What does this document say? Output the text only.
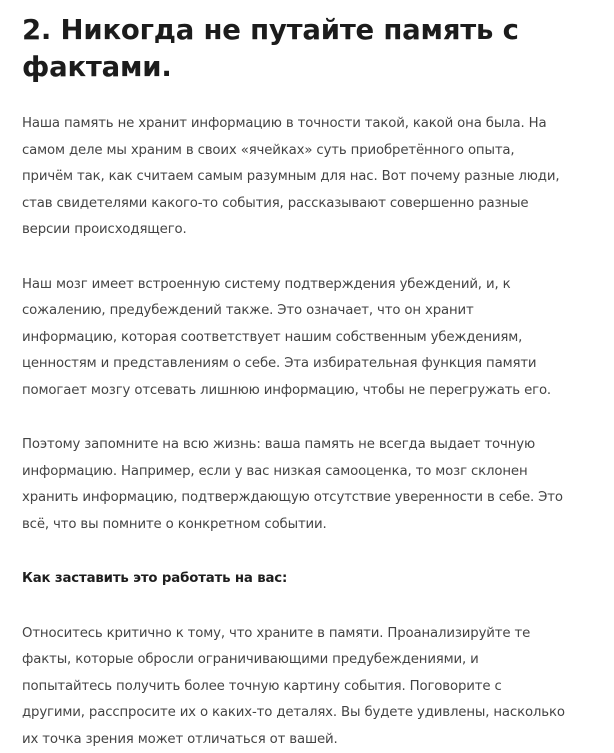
2. Никогда не путайте память с
фактами.

Наша память не хранит информацию в точности такой, какой она была. На
самом деле мы храним в своих «ячейках» суть приобретённого опыта,
причём так, как считаем самым разумным для нас. Вот почему разные люди,
став свидетелями какого-то события, рассказывают совершенно разные
версии происходящего.

Наш мозг имеет встроенную систему подтверждения убеждений, и, к
сожалению, предубеждений также. Это означает, что он хранит
информацию, которая соответствует нашим собственным убеждениям,
ценностям и представлениям о себе. Эта избирательная функция памяти
помогает мозгу отсевать лишнюю информацию, чтобы не перегружать его.

Поэтому запомните на всю жизнь: ваша память не всегда выдает точную
информацию. Например, если у вас низкая самооценка, то мозг склонен
хранить информацию, подтверждающую отсутствие уверенности в себе. Это
всё, что вы помните о конкретном событии.

Как заставить это работать на вас:

Относитесь критично к тому, что храните в памяти. Проанализируйте те
факты, которые обросли ограничивающими предубеждениями, и
попытайтесь получить более точную картину события. Поговорите с
другими, расспросите их о каких-то деталях. Вы будете удивлены, насколько
их точка зрения может отличаться от вашей.
